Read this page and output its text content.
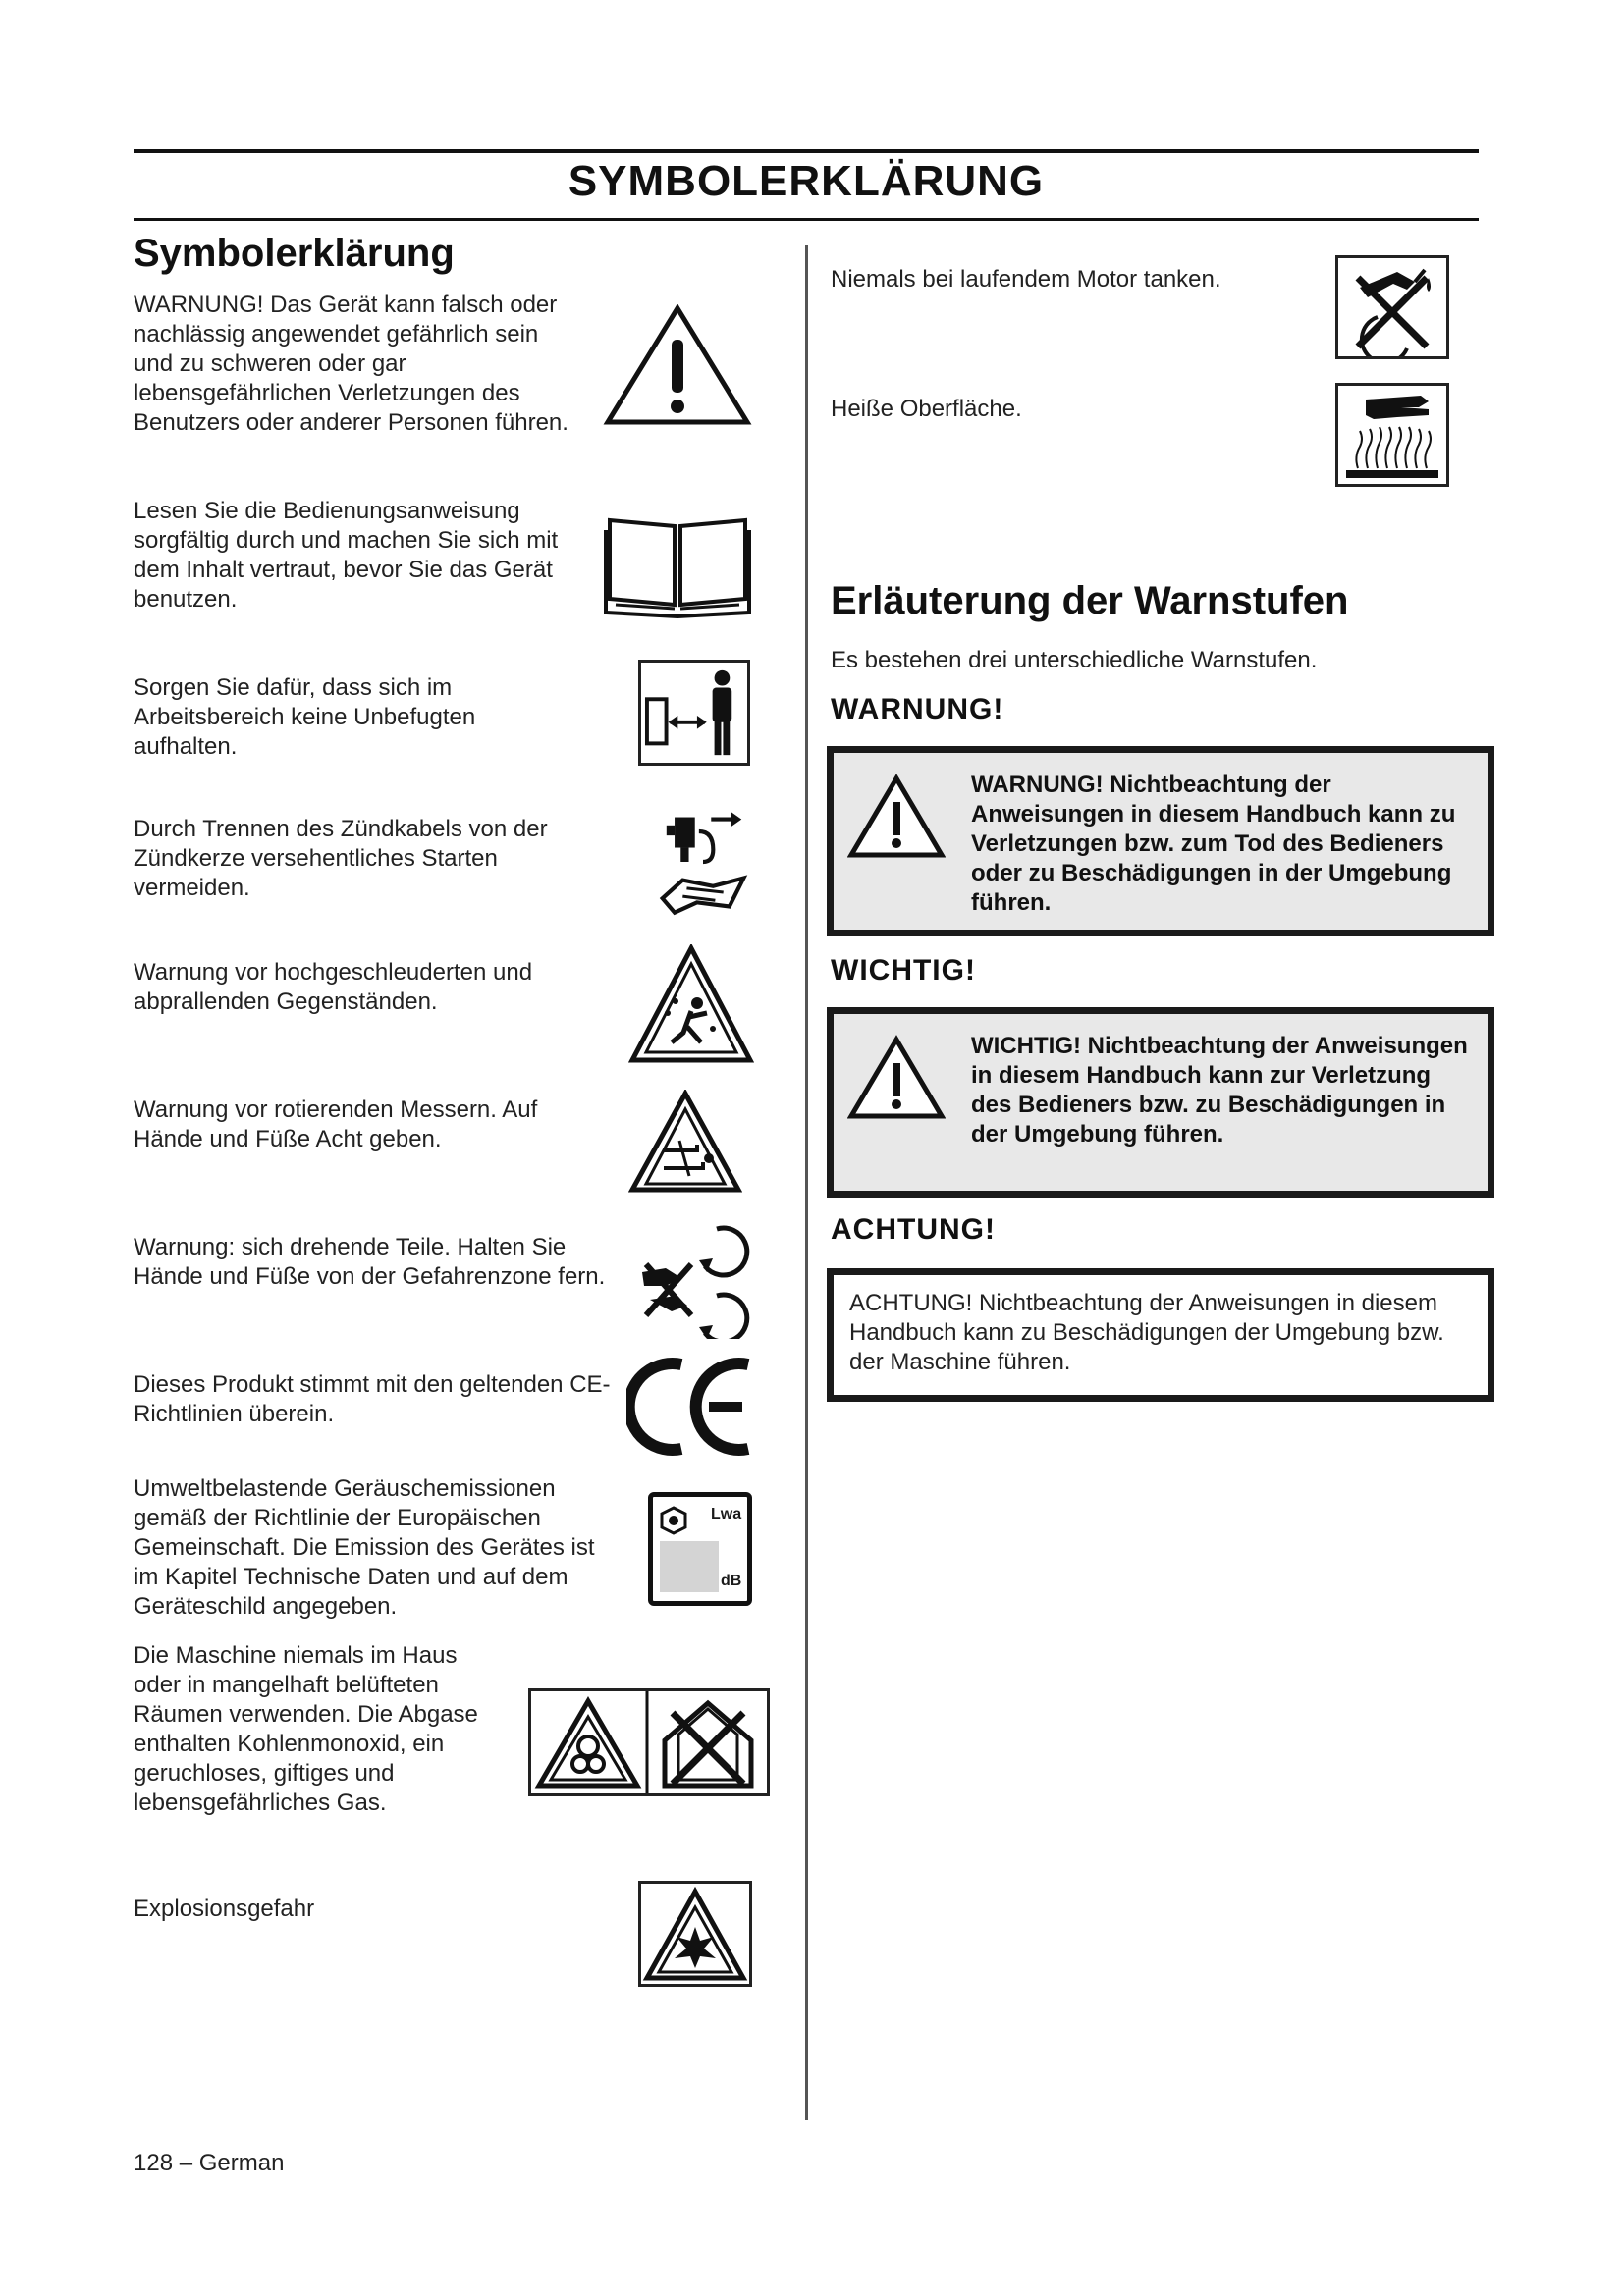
SYMBOLERKLÄRUNG
Symbolerklärung
WARNUNG! Das Gerät kann falsch oder nachlässig angewendet gefährlich sein und zu schweren oder gar lebensgefährlichen Verletzungen des Benutzers oder anderer Personen führen.
Lesen Sie die Bedienungsanweisung sorgfältig durch und machen Sie sich mit dem Inhalt vertraut, bevor Sie das Gerät benutzen.
Sorgen Sie dafür, dass sich im Arbeitsbereich keine Unbefugten aufhalten.
Durch Trennen des Zündkabels von der Zündkerze versehentliches Starten vermeiden.
Warnung vor hochgeschleuderten und abprallenden Gegenständen.
Warnung vor rotierenden Messern. Auf Hände und Füße Acht geben.
Warnung: sich drehende Teile. Halten Sie Hände und Füße von der Gefahrenzone fern.
Dieses Produkt stimmt mit den geltenden CE-Richtlinien überein.
Umweltbelastende Geräuschemissionen gemäß der Richtlinie der Europäischen Gemeinschaft. Die Emission des Gerätes ist im Kapitel Technische Daten und auf dem Geräteschild angegeben.
Lwa
dB
Die Maschine niemals im Haus oder in mangelhaft belüfteten Räumen verwenden. Die Abgase enthalten Kohlenmonoxid, ein geruchloses, giftiges und lebensgefährliches Gas.
Explosionsgefahr
Niemals bei laufendem Motor tanken.
Heiße Oberfläche.
Erläuterung der Warnstufen
Es bestehen drei unterschiedliche Warnstufen.
WARNUNG!
WARNUNG! Nichtbeachtung der Anweisungen in diesem Handbuch kann zu Verletzungen bzw. zum Tod des Bedieners oder zu Beschädigungen in der Umgebung führen.
WICHTIG!
WICHTIG! Nichtbeachtung der Anweisungen in diesem Handbuch kann zur Verletzung des Bedieners bzw. zu Beschädigungen in der Umgebung führen.
ACHTUNG!
ACHTUNG! Nichtbeachtung der Anweisungen in diesem Handbuch kann zu Beschädigungen der Umgebung bzw. der Maschine führen.
128 – German
